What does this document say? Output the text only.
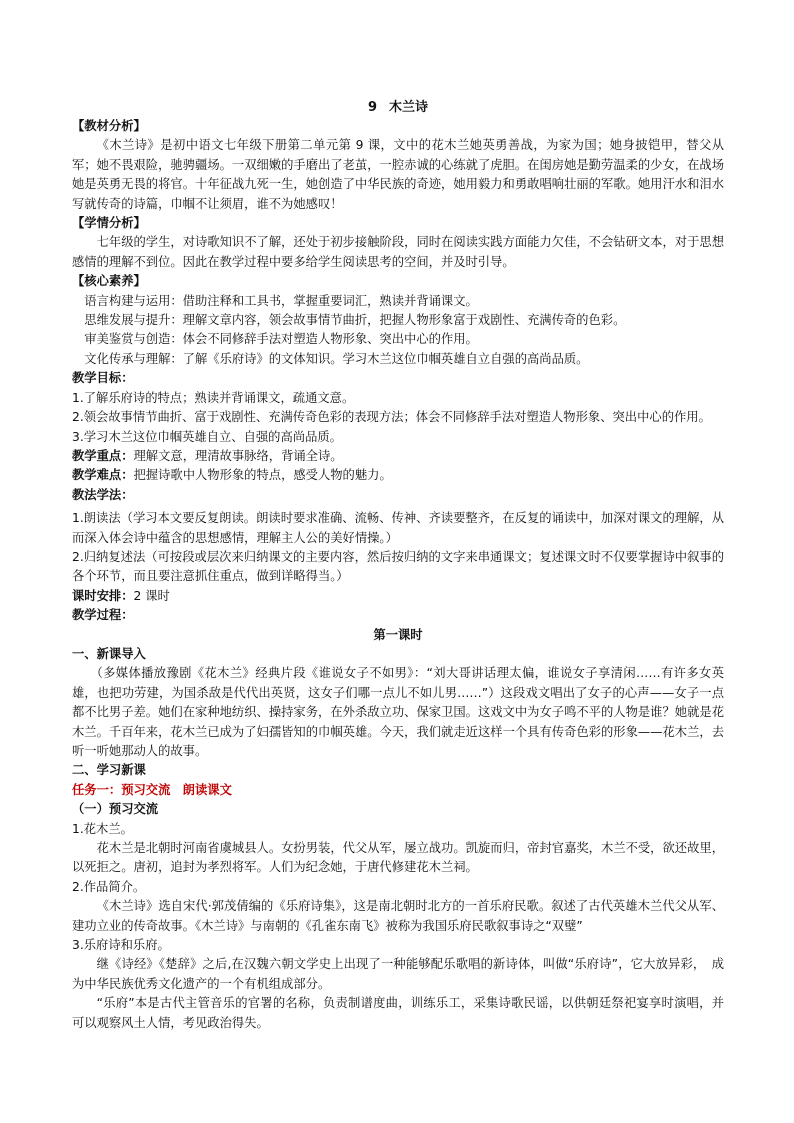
9 木兰诗

【教材分析】

《木兰诗》是初中语文七年级下册第二单元第 9 课，文中的花木兰她英勇善战，为家为国；她身披铠甲，替父从军；她不畏艰险，驰骋疆场。一双细嫩的手磨出了老茧，一腔赤诚的心练就了虎胆。在闺房她是勤劳温柔的少女，在战场她是英勇无畏的将官。十年征战九死一生，她创造了中华民族的奇迹，她用毅力和勇敢唱响壮丽的军歌。她用汗水和泪水写就传奇的诗篇，巾帼不让须眉，谁不为她感叹！

【学情分析】

七年级的学生，对诗歌知识不了解，还处于初步接触阶段，同时在阅读实践方面能力欠佳，不会钻研文本，对于思想感情的理解不到位。因此在教学过程中要多给学生阅读思考的空间，并及时引导。

【核心素养】

语言构建与运用：借助注释和工具书，掌握重要词汇，熟读并背诵课文。

思维发展与提升：理解文章内容，领会故事情节曲折，把握人物形象富于戏剧性、充满传奇的色彩。

审美鉴赏与创造：体会不同修辞手法对塑造人物形象、突出中心的作用。

文化传承与理解：了解《乐府诗》的文体知识。学习木兰这位巾帼英雄自立自强的高尚品质。

教学目标：

1.了解乐府诗的特点；熟读并背诵课文，疏通文意。

2.领会故事情节曲折、富于戏剧性、充满传奇色彩的表现方法；体会不同修辞手法对塑造人物形象、突出中心的作用。

3.学习木兰这位巾帼英雄自立、自强的高尚品质。

教学重点：理解文意，理清故事脉络，背诵全诗。

教学难点：把握诗歌中人物形象的特点，感受人物的魅力。

教法学法：

1.朗读法（学习本文要反复朗读。朗读时要求准确、流畅、传神、齐读要整齐，在反复的诵读中，加深对课文的理解，从而深入体会诗中蕴含的思想感情，理解主人公的美好情操。）

2.归纳复述法（可按段或层次来归纳课文的主要内容，然后按归纳的文字来串通课文；复述课文时不仅要掌握诗中叙事的各个环节，而且要注意抓住重点，做到详略得当。）

课时安排：2 课时

教学过程：

第一课时

一、新课导入

（多媒体播放豫剧《花木兰》经典片段《谁说女子不如男》：“刘大哥讲话理太偏，谁说女子享清闲……有许多女英雄，也把功劳建，为国杀敌是代代出英贤，这女子们哪一点儿不如儿男……”）这段戏文唱出了女子的心声——女子一点都不比男子差。她们在家种地纺织、操持家务，在外杀敌立功、保家卫国。这戏文中为女子鸣不平的人物是谁？她就是花木兰。千百年来，花木兰已成为了妇孺皆知的巾帼英雄。今天，我们就走近这样一个具有传奇色彩的形象——花木兰，去听一听她那动人的故事。

二、学习新课

任务一：预习交流　朗读课文

（一）预习交流

1.花木兰。

花木兰是北朝时河南省虞城县人。女扮男装，代父从军，屡立战功。凯旋而归，帝封官嘉奖，木兰不受，欲还故里，以死拒之。唐初，追封为孝烈将军。人们为纪念她，于唐代修建花木兰祠。

2.作品简介。

《木兰诗》选自宋代·郭茂倩编的《乐府诗集》，这是南北朝时北方的一首乐府民歌。叙述了古代英雄木兰代父从军、建功立业的传奇故事。《木兰诗》与南朝的《孔雀东南飞》被称为我国乐府民歌叙事诗之“双璧”

3.乐府诗和乐府。

继《诗经》《楚辞》之后,在汉魏六朝文学史上出现了一种能够配乐歌唱的新诗体，叫做“乐府诗”，它大放异彩，　成为中华民族优秀文化遗产的一个有机组成部分。

“乐府”本是古代主管音乐的官署的名称，负责制谱度曲，训练乐工，采集诗歌民谣，以供朝廷祭祀宴享时演唱，并可以观察风土人情，考见政治得失。
